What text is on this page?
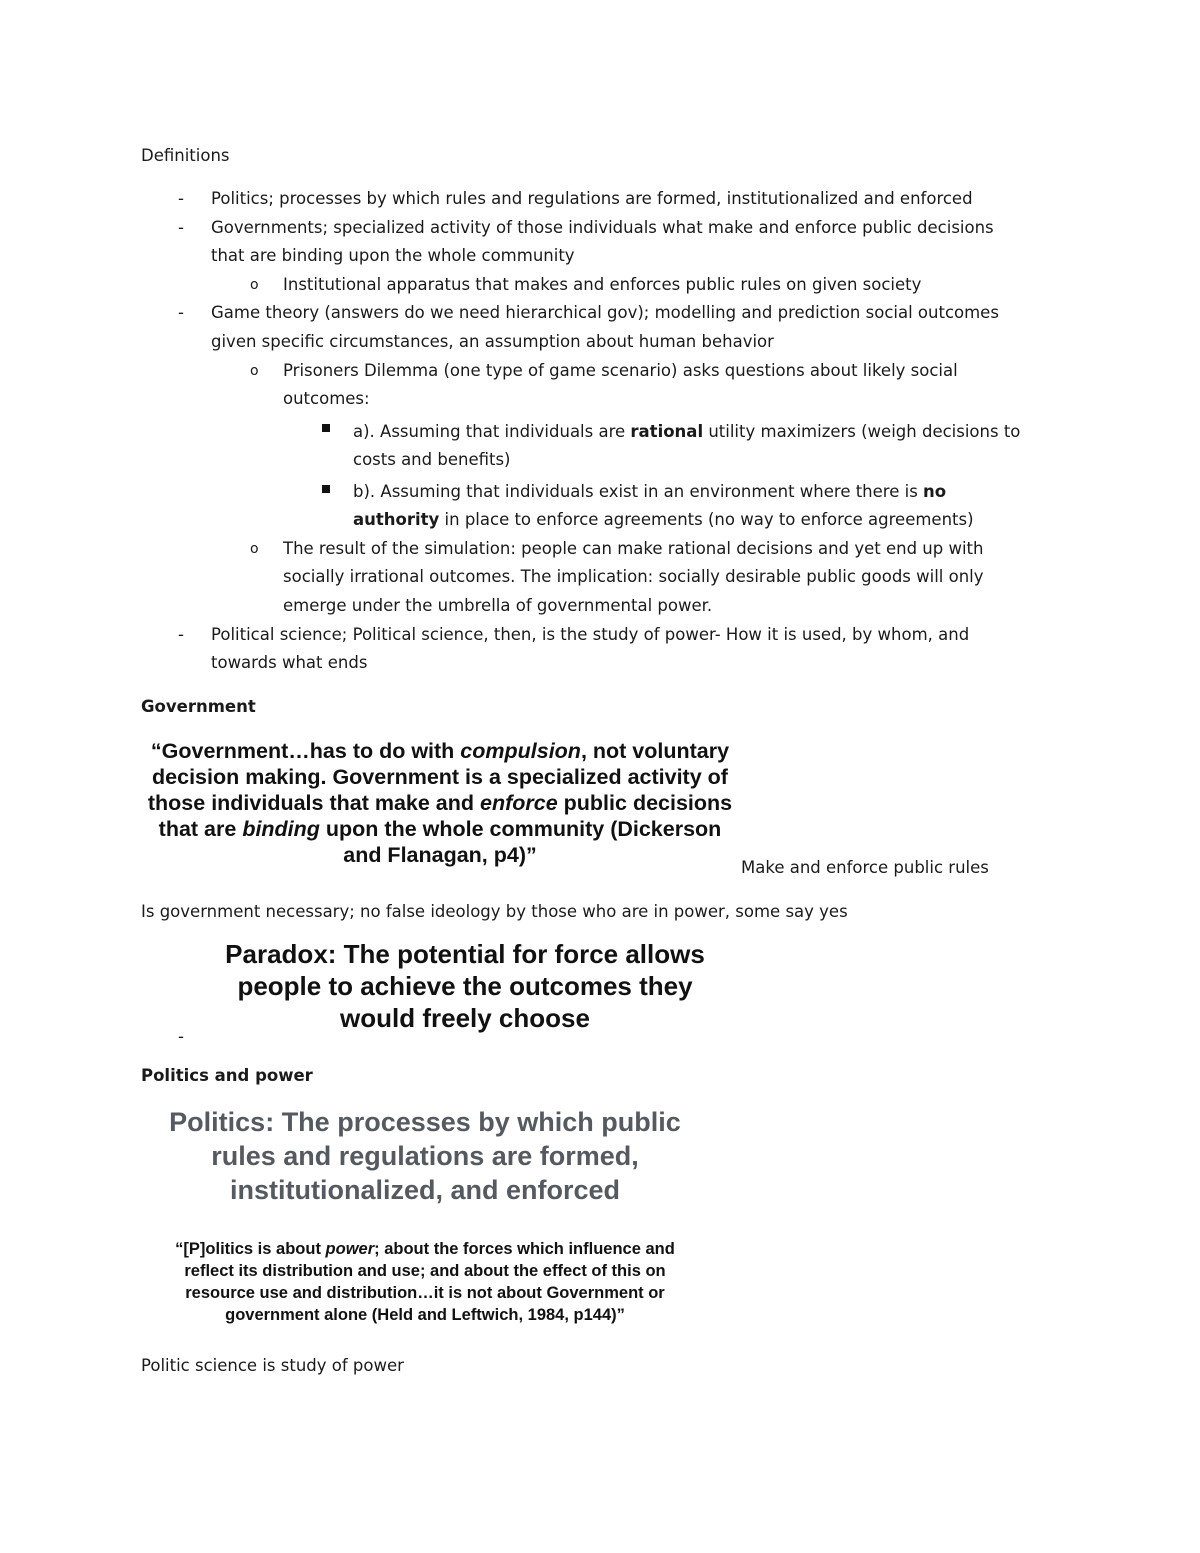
Definitions
- Politics; processes by which rules and regulations are formed, institutionalized and enforced
- Governments; specialized activity of those individuals what make and enforce public decisions
that are binding upon the whole community
o Institutional apparatus that makes and enforces public rules on given society
- Game theory (answers do we need hierarchical gov); modelling and prediction social outcomes
given specific circumstances, an assumption about human behavior
o Prisoners Dilemma (one type of game scenario) asks questions about likely social
outcomes:
a). Assuming that individuals are rational utility maximizers (weigh decisions to
costs and benefits)
b). Assuming that individuals exist in an environment where there is no
authority in place to enforce agreements (no way to enforce agreements)
o The result of the simulation: people can make rational decisions and yet end up with
socially irrational outcomes. The implication: socially desirable public goods will only
emerge under the umbrella of governmental power.
- Political science; Political science, then, is the study of power- How it is used, by whom, and
towards what ends
Government
“Government…has to do with compulsion, not voluntary
decision making. Government is a specialized activity of
those individuals that make and enforce public decisions
that are binding upon the whole community (Dickerson
and Flanagan, p4)”
Make and enforce public rules
Is government necessary; no false ideology by those who are in power, some say yes
Paradox: The potential for force allows
people to achieve the outcomes they
would freely choose
-
Politics and power
Politics: The processes by which public
rules and regulations are formed,
institutionalized, and enforced
“[P]olitics is about power; about the forces which influence and
reflect its distribution and use; and about the effect of this on
resource use and distribution…it is not about Government or
government alone (Held and Leftwich, 1984, p144)”
Politic science is study of power
